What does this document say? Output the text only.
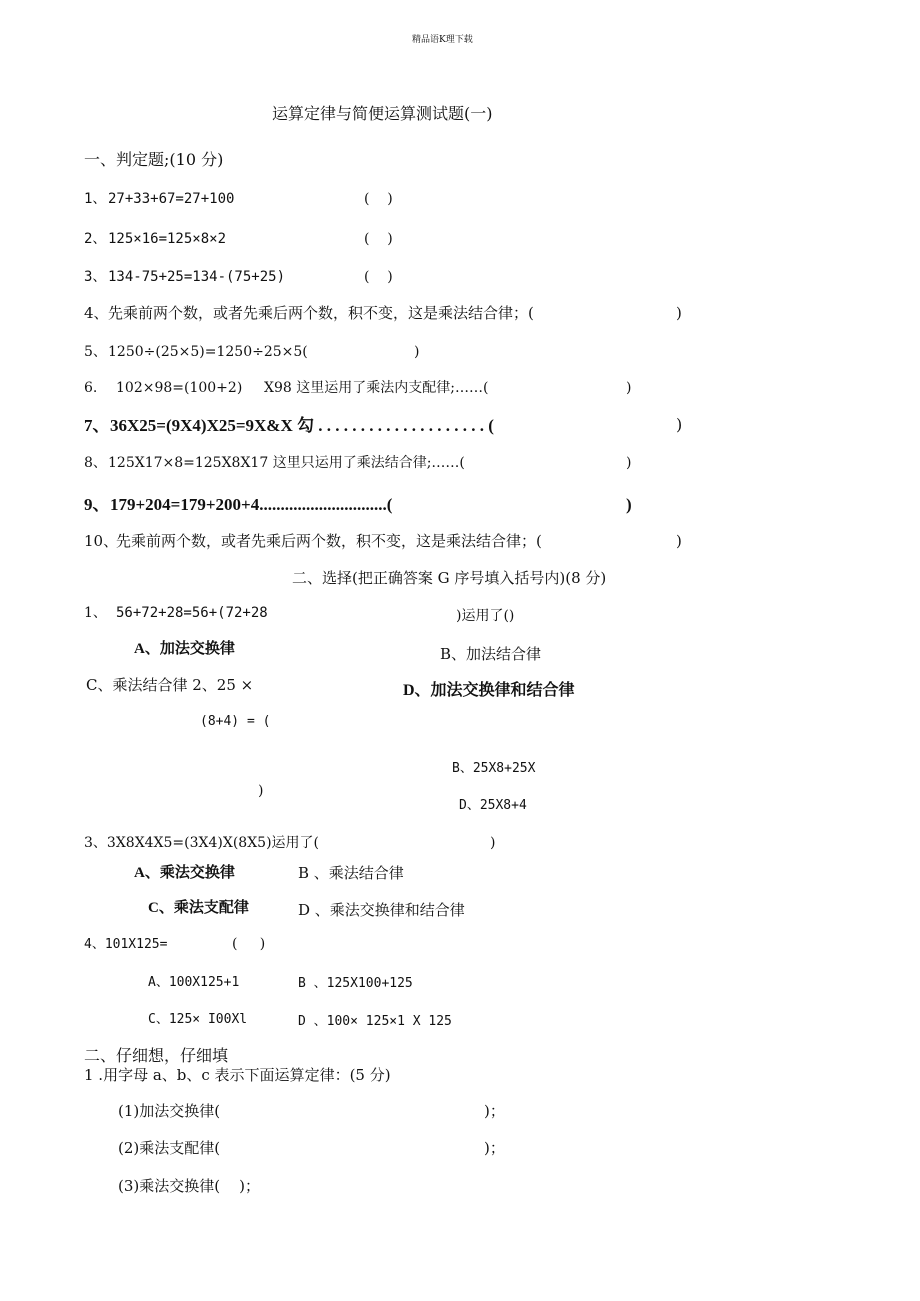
精品语K理下载
运算定律与简便运算测试题(一)
一、判定题;(10 分)
1、 27+33+67=27+100	(    )
2、 125×16=125×8×2	(    )
3、 134-75+25=134-(75+25)	(    )
4、 先乘前两个数，或者先乘后两个数，积不变，这是乘法结合律；(	)
5、 1250÷(25×5)=1250÷25×5(	)
6. 102×98=(100+2) X98 这里运用了乘法内支配律;……(	)
7、 36X25=(9X4)X25=9X&X 勾 . . . . . . . . . . . . . . . . . . . . (	)
8、 125X17×8=125X8X17 这里只运用了乘法结合律;……(	)
9、 179+204=179+200+4..............................(	)
10、
先乘前两个数，或者先乘后两个数，积不变，这是乘法结合律；(	)
二、选择(把正确答案 G 序号填入括号内)(8 分)
1、 56+72+28=56+(72+28	)运用了()
A、加法交换律	B、加法结合律
C、乘法结合律 2、25 ×	D、加法交换律和结合律
(8+4) = (
)
B、25X8+25X
D、25X8+4
3、3X8X4X5=(3X4)X(8X5)运用了(	)
A、乘法交换律	B 、乘法结合律
C、乘法支配律	D 、乘法交换律和结合律
4、101X125=	(     )
A、100X125+1	B 、125X100+125
C、125× I00Xl	D 、100× 125×1 X 125
二、仔细想，仔细填
1 .用字母 a、b、c 表示下面运算定律：(5 分)
(1)加法交换律(	)；
(2)乘法支配律(	)；
(3)乘法交换律(    )；
